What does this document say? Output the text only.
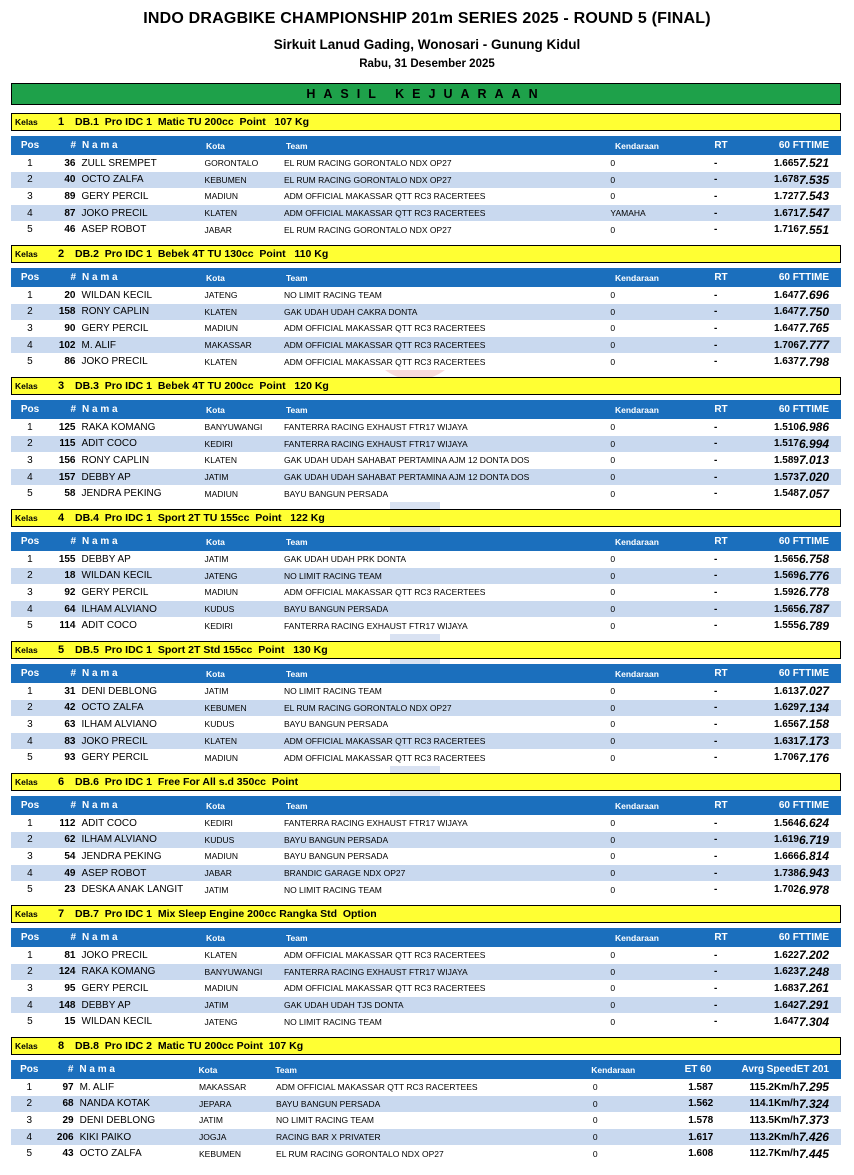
INDO DRAGBIKE CHAMPIONSHIP 201m SERIES 2025 - ROUND 5 (FINAL)
Sirkuit Lanud Gading, Wonosari - Gunung Kidul
Rabu, 31 Desember 2025
HASIL KEJUARAAN
Kelas	1	DB.1  Pro IDC 1  Matic TU 200cc  Point   107 Kg
Pos	# N a m a	Kota	Team	Kendaraan	RT	60 FT TIME
1	36 ZULL SREMPET	GORONTALO	EL RUM RACING GORONTALO NDX OP27	0	-	1.665 7.521
2	40 OCTO ZALFA	KEBUMEN	EL RUM RACING GORONTALO NDX OP27	0	-	1.678 7.535
3	89 GERY PERCIL	MADIUN	ADM OFFICIAL MAKASSAR QTT RC3 RACERTEES	0	-	1.727 7.543
4	87 JOKO PRECIL	KLATEN	ADM OFFICIAL MAKASSAR QTT RC3 RACERTEES	YAMAHA	-	1.671 7.547
5	46 ASEP ROBOT	JABAR	EL RUM RACING GORONTALO NDX OP27	0	-	1.716 7.551
Kelas	2	DB.2  Pro IDC 1  Bebek 4T TU 130cc  Point   110 Kg
Pos	# N a m a	Kota	Team	Kendaraan	RT	60 FT TIME
1	20 WILDAN KECIL	JATENG	NO LIMIT RACING TEAM	0	-	1.647 7.696
2	158 RONY CAPLIN	KLATEN	GAK UDAH UDAH CAKRA DONTA	0	-	1.647 7.750
3	90 GERY PERCIL	MADIUN	ADM OFFICIAL MAKASSAR QTT RC3 RACERTEES	0	-	1.647 7.765
4	102 M. ALIF	MAKASSAR	ADM OFFICIAL MAKASSAR QTT RC3 RACERTEES	0	-	1.706 7.777
5	86 JOKO PRECIL	KLATEN	ADM OFFICIAL MAKASSAR QTT RC3 RACERTEES	0	-	1.637 7.798
Kelas	3	DB.3  Pro IDC 1  Bebek 4T TU 200cc  Point   120 Kg
Pos	# N a m a	Kota	Team	Kendaraan	RT	60 FT TIME
1	125 RAKA KOMANG	BANYUWANGI	FANTERRA RACING EXHAUST FTR17 WIJAYA	0	-	1.510 6.986
2	115 ADIT COCO	KEDIRI	FANTERRA RACING EXHAUST FTR17 WIJAYA	0	-	1.517 6.994
3	156 RONY CAPLIN	KLATEN	GAK UDAH UDAH SAHABAT PERTAMINA AJM 12 DONTA DOS	0	-	1.589 7.013
4	157 DEBBY AP	JATIM	GAK UDAH UDAH SAHABAT PERTAMINA AJM 12 DONTA DOS	0	-	1.573 7.020
5	58 JENDRA PEKING	MADIUN	BAYU BANGUN PERSADA	0	-	1.548 7.057
Kelas	4	DB.4  Pro IDC 1  Sport 2T TU 155cc  Point   122 Kg
Pos	# N a m a	Kota	Team	Kendaraan	RT	60 FT TIME
1	155 DEBBY AP	JATIM	GAK UDAH UDAH PRK DONTA	0	-	1.565 6.758
2	18 WILDAN KECIL	JATENG	NO LIMIT RACING TEAM	0	-	1.569 6.776
3	92 GERY PERCIL	MADIUN	ADM OFFICIAL MAKASSAR QTT RC3 RACERTEES	0	-	1.592 6.778
4	64 ILHAM ALVIANO	KUDUS	BAYU BANGUN PERSADA	0	-	1.565 6.787
5	114 ADIT COCO	KEDIRI	FANTERRA RACING EXHAUST FTR17 WIJAYA	0	-	1.555 6.789
Kelas	5	DB.5  Pro IDC 1  Sport 2T Std 155cc  Point   130 Kg
Pos	# N a m a	Kota	Team	Kendaraan	RT	60 FT TIME
1	31 DENI DEBLONG	JATIM	NO LIMIT RACING TEAM	0	-	1.613 7.027
2	42 OCTO ZALFA	KEBUMEN	EL RUM RACING GORONTALO NDX OP27	0	-	1.629 7.134
3	63 ILHAM ALVIANO	KUDUS	BAYU BANGUN PERSADA	0	-	1.656 7.158
4	83 JOKO PRECIL	KLATEN	ADM OFFICIAL MAKASSAR QTT RC3 RACERTEES	0	-	1.631 7.173
5	93 GERY PERCIL	MADIUN	ADM OFFICIAL MAKASSAR QTT RC3 RACERTEES	0	-	1.706 7.176
Kelas	6	DB.6  Pro IDC 1  Free For All s.d 350cc  Point
Pos	# N a m a	Kota	Team	Kendaraan	RT	60 FT TIME
1	112 ADIT COCO	KEDIRI	FANTERRA RACING EXHAUST FTR17 WIJAYA	0	-	1.564 6.624
2	62 ILHAM ALVIANO	KUDUS	BAYU BANGUN PERSADA	0	-	1.619 6.719
3	54 JENDRA PEKING	MADIUN	BAYU BANGUN PERSADA	0	-	1.666 6.814
4	49 ASEP ROBOT	JABAR	BRANDIC GARAGE NDX OP27	0	-	1.738 6.943
5	23 DESKA ANAK LANGIT	JATIM	NO LIMIT RACING TEAM	0	-	1.702 6.978
Kelas	7	DB.7  Pro IDC 1  Mix Sleep Engine 200cc Rangka Std  Option
Pos	# N a m a	Kota	Team	Kendaraan	RT	60 FT TIME
1	81 JOKO PRECIL	KLATEN	ADM OFFICIAL MAKASSAR QTT RC3 RACERTEES	0	-	1.622 7.202
2	124 RAKA KOMANG	BANYUWANGI	FANTERRA RACING EXHAUST FTR17 WIJAYA	0	-	1.623 7.248
3	95 GERY PERCIL	MADIUN	ADM OFFICIAL MAKASSAR QTT RC3 RACERTEES	0	-	1.683 7.261
4	148 DEBBY AP	JATIM	GAK UDAH UDAH TJS DONTA	0	-	1.642 7.291
5	15 WILDAN KECIL	JATENG	NO LIMIT RACING TEAM	0	-	1.647 7.304
Kelas	8	DB.8  Pro IDC 2  Matic TU 200cc Point  107 Kg
Pos	# N a m a	Kota	Team	Kendaraan	ET 60	Avrg Speed ET 201
1	97 M. ALIF	MAKASSAR	ADM OFFICIAL MAKASSAR QTT RC3 RACERTEES	0	1.587	115.2Km/h 7.295
2	68 NANDA KOTAK	JEPARA	BAYU BANGUN PERSADA	0	1.562	114.1Km/h 7.324
3	29 DENI DEBLONG	JATIM	NO LIMIT RACING TEAM	0	1.578	113.5Km/h 7.373
4	206 KIKI PAIKO	JOGJA	RACING BAR X PRIVATER	0	1.617	113.2Km/h 7.426
5	43 OCTO ZALFA	KEBUMEN	EL RUM RACING GORONTALO NDX OP27	0	1.608	112.7Km/h 7.445
